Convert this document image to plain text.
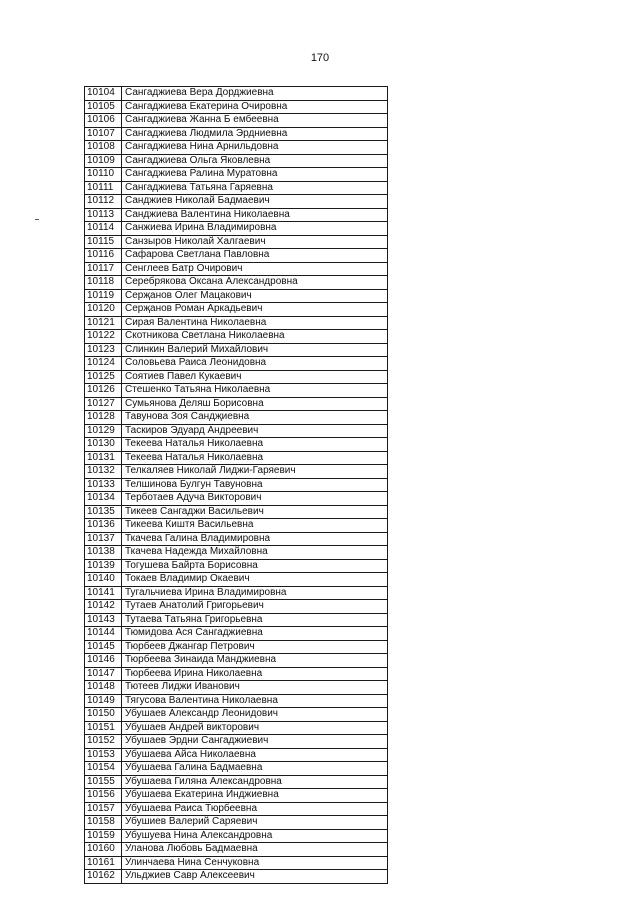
170
10104	Сангаджиева Вера Дорджиевна
10105	Сангаджиева Екатерина Очировна
10106	Сангаджиева Жанна Б ембеевна
10107	Сангаджиева Людмила Эрдниевна
10108	Сангаджиева Нина Арнильдовна
10109	Сангаджиева Ольга Яковлевна
10110	Сангаджиева Ралина Муратовна
10111	Сангаджиева Татьяна Гаряевна
10112	Санджиев Николай Бадмаевич
10113	Санджиева Валентина Николаевна
10114	Санжиева Ирина Владимировна
10115	Санзыров Николай Халгаевич
10116	Сафарова Светлана Павловна
10117	Сенглеев Батр Очирович
10118	Серебрякова Оксана Александровна
10119	Серҗанов Олег Мацакович
10120	Серҗанов Роман Аркадьевич
10121	Сирая Валентина Николаевна
10122	Скотникова Светлана Николаевна
10123	Слинкин Валерий Михайлович
10124	Соловьева Раиса Леонидовна
10125	Соятиев Павел Кукаевич
10126	Стешенко Татьяна Николаевна
10127	Сумьянова Деляш Борисовна
10128	Тавунова Зоя Сандҗиевна
10129	Таскиров Эдуард Андреевич
10130	Текеева Наталья Николаевна
10131	Текеева Наталья Николаевна
10132	Телкаляев Николай Лиджи-Гаряевич
10133	Телшинова Булгун Тавуновна
10134	Терботаев Адуча Викторович
10135	Тикеев Сангаджи Васильевич
10136	Тикеева Киштя Васильевна
10137	Ткачева Галина Владимировна
10138	Ткачева Надежда Михайловна
10139	Тогушева Байрта Борисовна
10140	Токаев Владимир Окаевич
10141	Тугальчиева Ирина Владимировна
10142	Тутаев Анатолий Григорьевич
10143	Тутаева Татьяна Григорьевна
10144	Тюмидова Ася Сангаджиевна
10145	Тюрбеев Джангар Петрович
10146	Тюрбеева Зинаида Манджиевна
10147	Тюрбеева Ирина Николаевна
10148	Тютеев Лиджи Иванович
10149	Тягусова Валентина Николаевна
10150	Убушаев Александр Леонидович
10151	Убушаев Андрей викторович
10152	Убушаев Эрдни Сангаджиевич
10153	Убушаева Айса Николаевна
10154	Убушаева Галина Бадмаевна
10155	Убушаева Гиляна Александровна
10156	Убушаева Екатерина Инджиевна
10157	Убушаева Раиса Тюрбеевна
10158	Убушиев Валерий Саряевич
10159	Убушуева Нина Александровна
10160	Уланова Любовь Бадмаевна
10161	Улинчаева Нина Сенчуковна
10162	Ульджиев Савр Алексеевич
